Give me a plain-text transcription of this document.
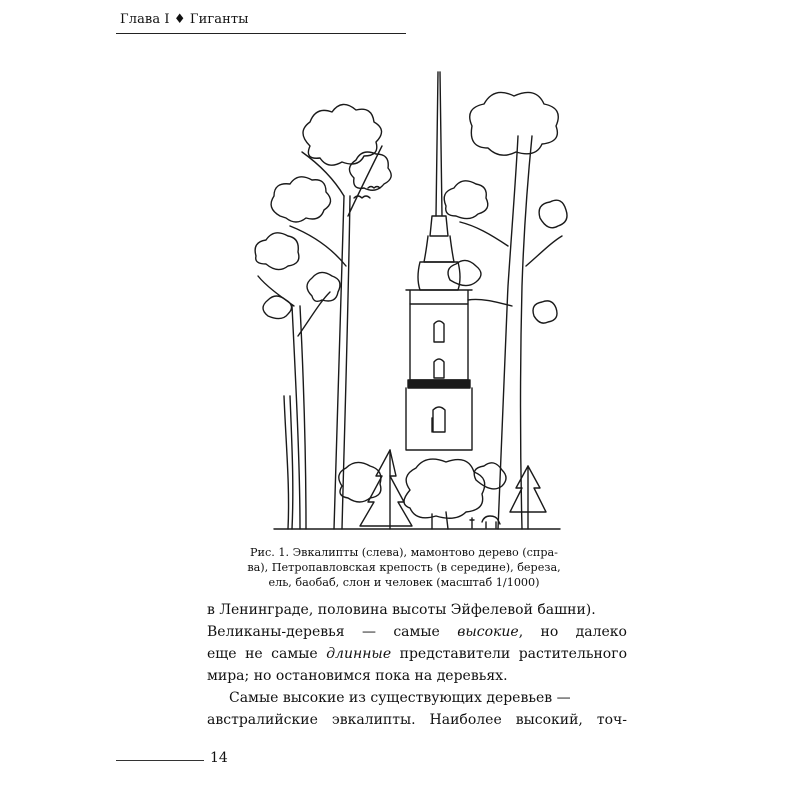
Глава I ♦ Гиганты
Рис. 1. Эвкалипты (слева), мамонтово дерево (спра-
ва), Петропавловская крепость (в середине), береза,
ель, баобаб, слон и человек (масштаб 1/1000)
в Ленинграде, половина высоты Эйфелевой башни).
Великаны-деревья — самые высокие, но далеко
еще не самые длинные представители растительного
мира; но остановимся пока на деревьях.
Самые высокие из существующих деревьев —
австралийские эвкалипты. Наиболее высокий, точ-
14
